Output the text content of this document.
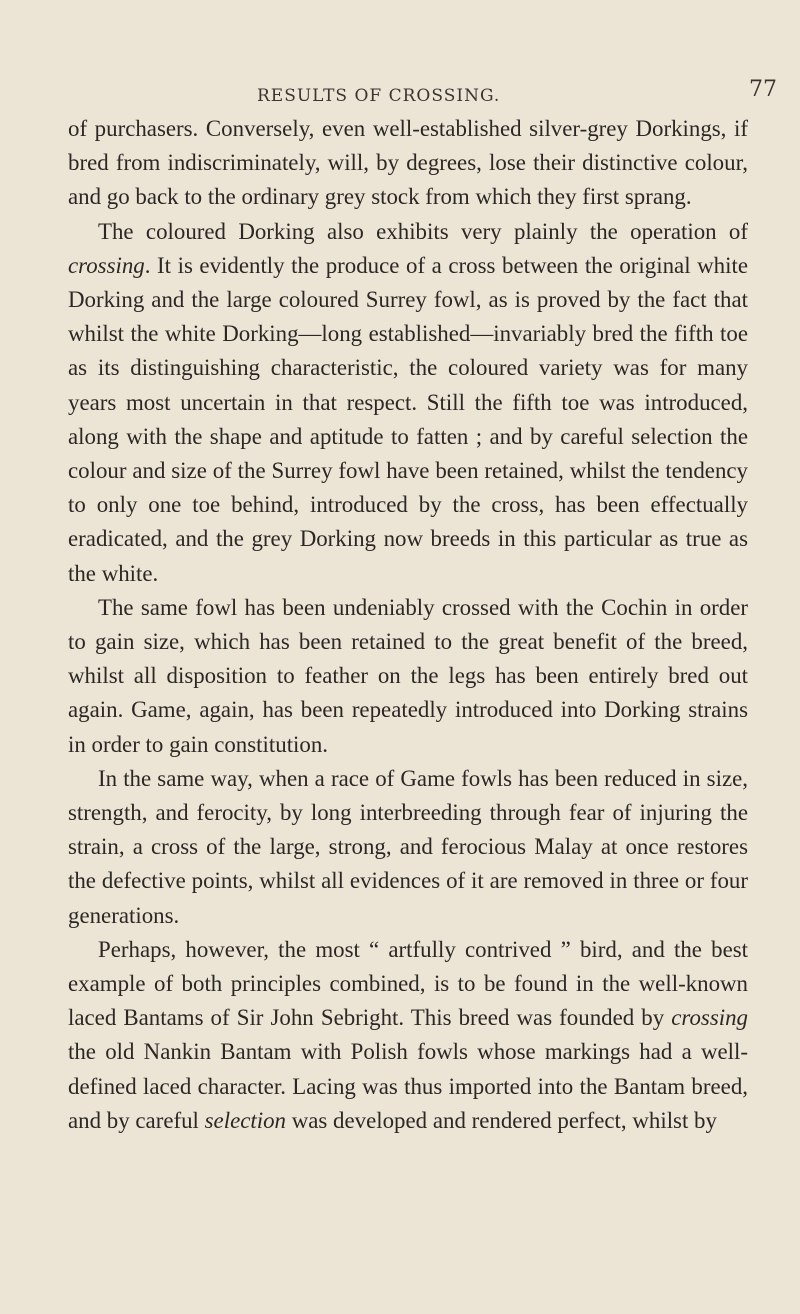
RESULTS OF CROSSING.	77

of purchasers. Conversely, even well-established silver-grey Dorkings, if bred from indiscriminately, will, by degrees, lose their distinctive colour, and go back to the ordinary grey stock from which they first sprang.

The coloured Dorking also exhibits very plainly the operation of crossing. It is evidently the produce of a cross between the original white Dorking and the large coloured Surrey fowl, as is proved by the fact that whilst the white Dorking—long established—invariably bred the fifth toe as its distinguishing characteristic, the coloured variety was for many years most uncertain in that respect. Still the fifth toe was introduced, along with the shape and aptitude to fatten ; and by careful selection the colour and size of the Surrey fowl have been retained, whilst the tendency to only one toe behind, introduced by the cross, has been effectually eradicated, and the grey Dorking now breeds in this particular as true as the white.

The same fowl has been undeniably crossed with the Cochin in order to gain size, which has been retained to the great benefit of the breed, whilst all disposition to feather on the legs has been entirely bred out again. Game, again, has been repeatedly introduced into Dorking strains in order to gain constitution.

In the same way, when a race of Game fowls has been reduced in size, strength, and ferocity, by long interbreeding through fear of injuring the strain, a cross of the large, strong, and ferocious Malay at once restores the defective points, whilst all evidences of it are removed in three or four generations.

Perhaps, however, the most “ artfully contrived ” bird, and the best example of both principles combined, is to be found in the well-known laced Bantams of Sir John Sebright. This breed was founded by crossing the old Nankin Bantam with Polish fowls whose markings had a well-defined laced character. Lacing was thus imported into the Bantam breed, and by careful selection was developed and rendered perfect, whilst by
